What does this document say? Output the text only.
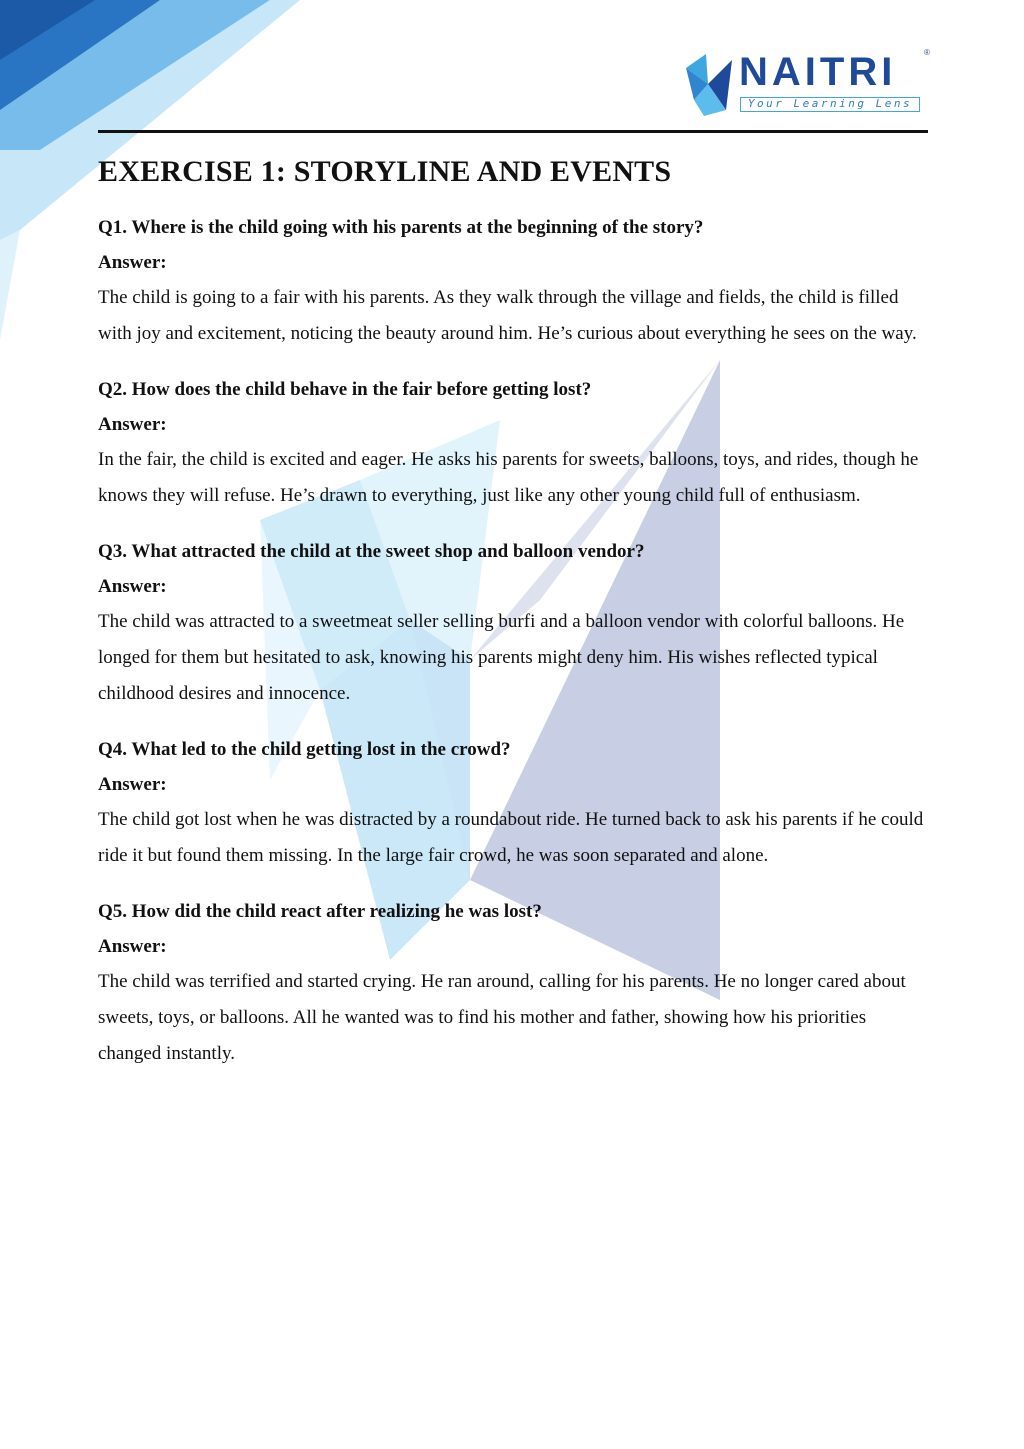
NAITRI	®
Your Learning Lens
EXERCISE 1: STORYLINE AND EVENTS
Q1. Where is the child going with his parents at the beginning of the story?
Answer:
The child is going to a fair with his parents. As they walk through the village and fields, the child is filled with joy and excitement, noticing the beauty around him. He’s curious about everything he sees on the way.
Q2. How does the child behave in the fair before getting lost?
Answer:
In the fair, the child is excited and eager. He asks his parents for sweets, balloons, toys, and rides, though he knows they will refuse. He’s drawn to everything, just like any other young child full of enthusiasm.
Q3. What attracted the child at the sweet shop and balloon vendor?
Answer:
The child was attracted to a sweetmeat seller selling burfi and a balloon vendor with colorful balloons. He longed for them but hesitated to ask, knowing his parents might deny him. His wishes reflected typical childhood desires and innocence.
Q4. What led to the child getting lost in the crowd?
Answer:
The child got lost when he was distracted by a roundabout ride. He turned back to ask his parents if he could ride it but found them missing. In the large fair crowd, he was soon separated and alone.
Q5. How did the child react after realizing he was lost?
Answer:
The child was terrified and started crying. He ran around, calling for his parents. He no longer cared about sweets, toys, or balloons. All he wanted was to find his mother and father, showing how his priorities changed instantly.
